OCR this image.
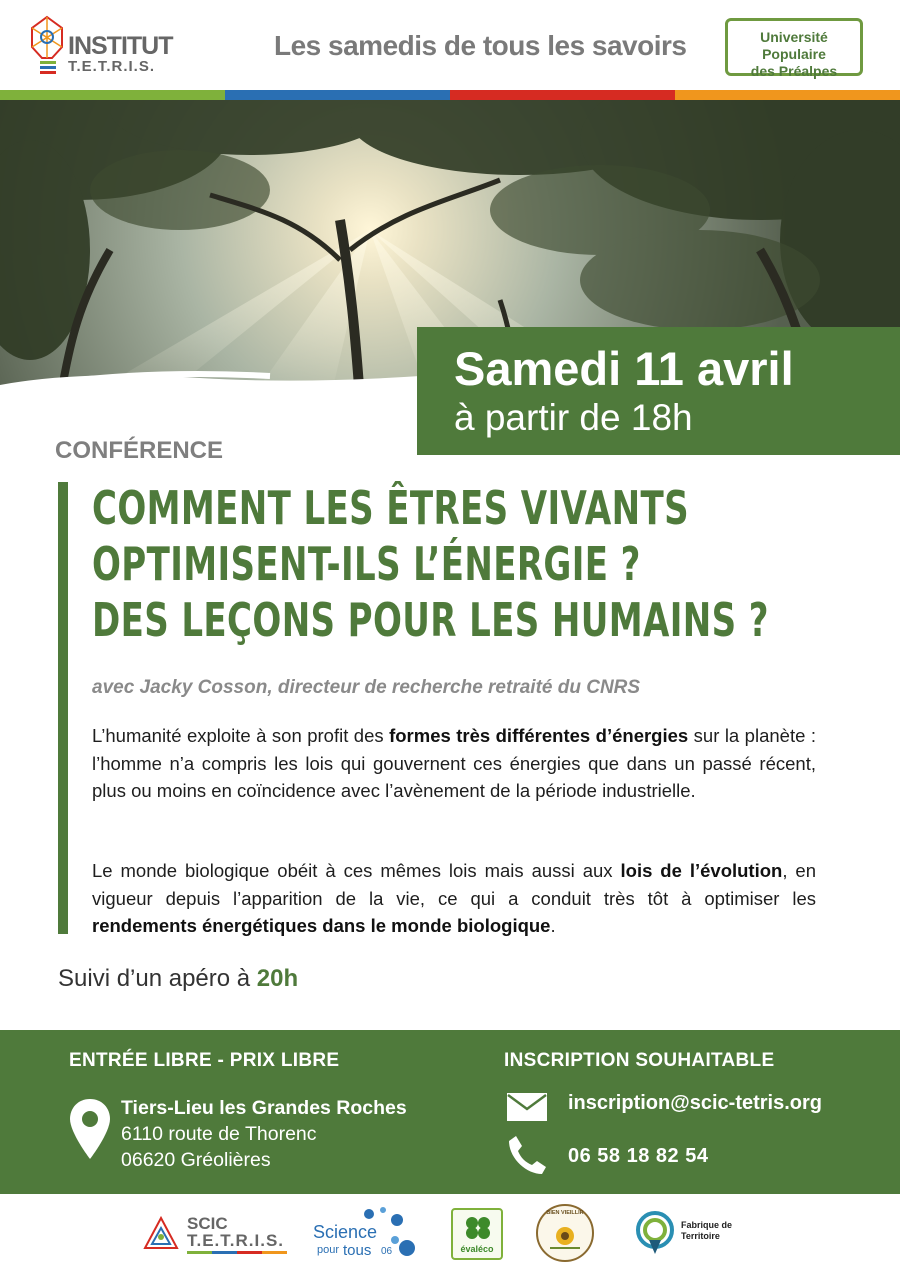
INSTITUT
T.E.T.R.I.S.
Les samedis de tous les savoirs	Université Populaire
des Préalpes
Samedi 11 avril
à partir de 18h
CONFÉRENCE
COMMENT LES ÊTRES VIVANTS
OPTIMISENT-ILS L’ÉNERGIE ?
DES LEÇONS POUR LES HUMAINS ?
avec Jacky Cosson, directeur de recherche retraité du CNRS
L’humanité exploite à son profit des formes très différentes d’énergies sur la planète : l’homme n’a compris les lois qui gouvernent ces énergies que dans un passé récent, plus ou moins en coïncidence avec l’avènement de la période industrielle.
Le monde biologique obéit à ces mêmes lois mais aussi aux lois de l’évolution, en vigueur depuis l’apparition de la vie, ce qui a conduit très tôt à optimiser les rendements énergétiques dans le monde biologique.
Suivi d’un apéro à 20h
ENTRÉE LIBRE - PRIX LIBRE	INSCRIPTION SOUHAITABLE
Tiers-Lieu les Grandes Roches
6110 route de Thorenc
06620 Gréolières
inscription@scic-tetris.org
06 58 18 82 54
SCIC
T.E.T.R.I.S. Science
pour tous 06	évaléco
BIEN VIEILLIR
Fabrique de
Territoire
